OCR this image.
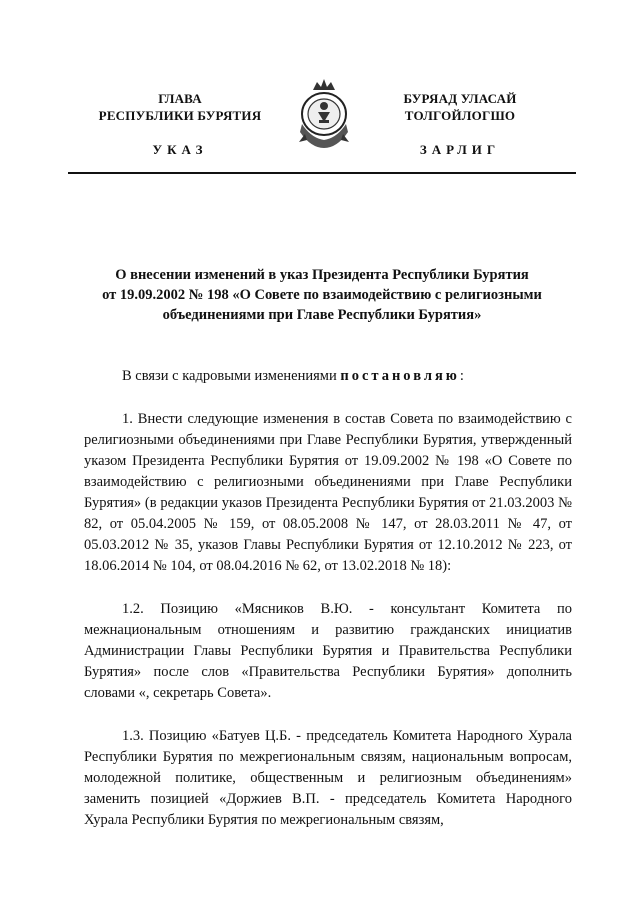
ГЛАВА
РЕСПУБЛИКИ БУРЯТИЯ
БУРЯАД УЛАСАЙ
ТОЛГОЙЛОГШО
УКАЗ	ЗАРЛИГ
О внесении изменений в указ Президента Республики Бурятия
от 19.09.2002 № 198 «О Совете по взаимодействию с религиозными
объединениями при Главе Республики Бурятия»

В связи с кадровыми изменениями постановляю:

1. Внести следующие изменения в состав Совета по взаимодействию с религиозными объединениями при Главе Республики Бурятия, утвержденный указом Президента Республики Бурятия от 19.09.2002 № 198 «О Совете по взаимодействию с религиозными объединениями при Главе Республики Бурятия» (в редакции указов Президента Республики Бурятия от 21.03.2003 № 82, от 05.04.2005 № 159, от 08.05.2008 № 147, от 28.03.2011 № 47, от 05.03.2012 № 35, указов Главы Республики Бурятия от 12.10.2012 № 223, от 18.06.2014 № 104, от 08.04.2016 № 62, от 13.02.2018 № 18):

1.2. Позицию «Мясников В.Ю. - консультант Комитета по межнациональным отношениям и развитию гражданских инициатив Администрации Главы Республики Бурятия и Правительства Республики Бурятия» после слов «Правительства Республики Бурятия» дополнить словами «, секретарь Совета».

1.3. Позицию «Батуев Ц.Б. - председатель Комитета Народного Хурала Республики Бурятия по межрегиональным связям, национальным вопросам, молодежной политике, общественным и религиозным объединениям» заменить позицией «Доржиев В.П. - председатель Комитета Народного Хурала Республики Бурятия по межрегиональным связям,
